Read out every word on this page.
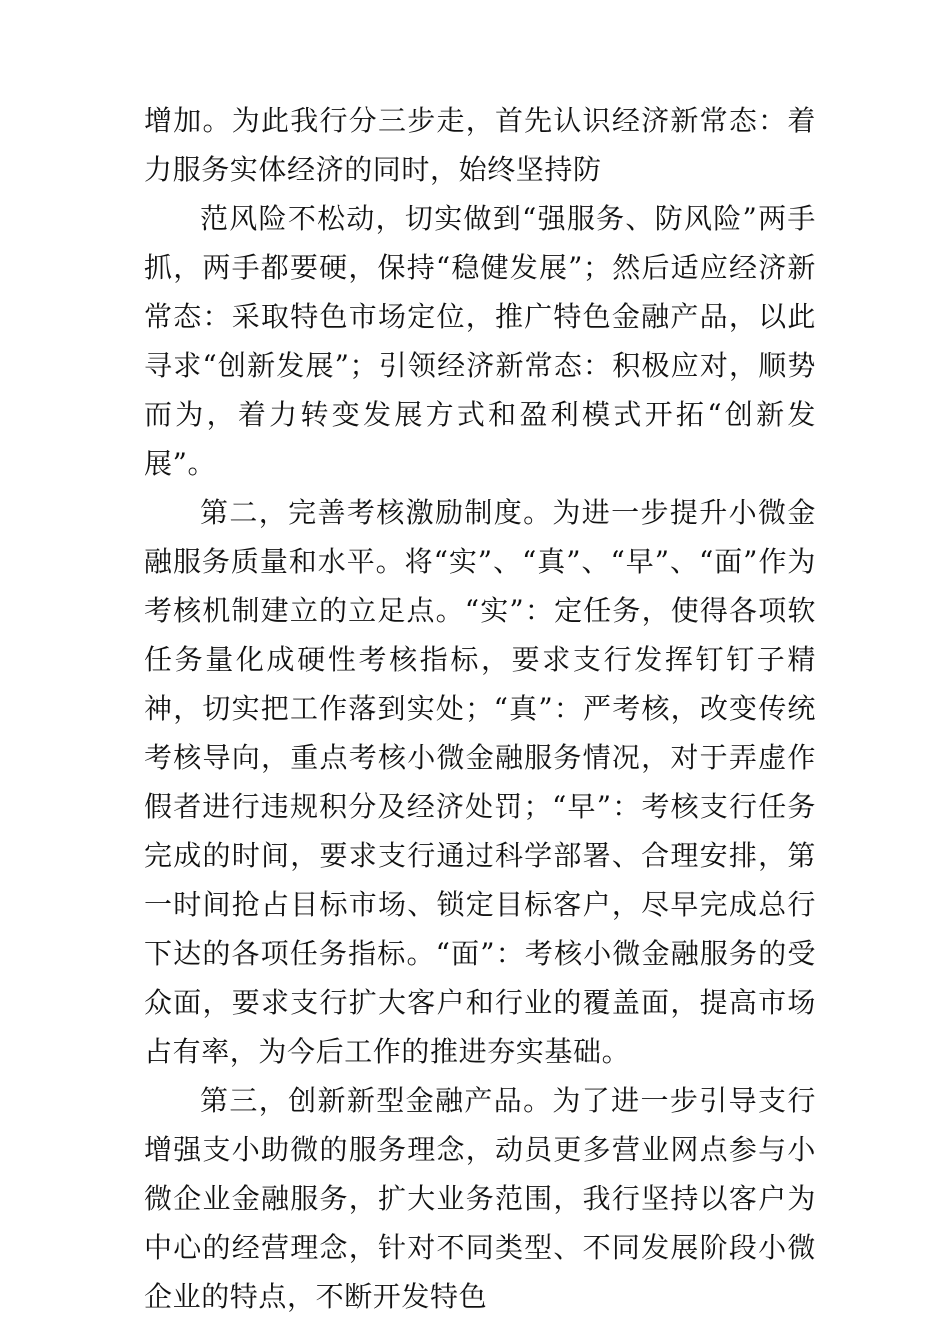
增加。为此我行分三步走，首先认识经济新常态：着力服务实体经济的同时，始终坚持防

范风险不松动，切实做到“强服务、防风险”两手抓，两手都要硬，保持“稳健发展”；然后适应经济新常态：采取特色市场定位，推广特色金融产品，以此寻求“创新发展”；引领经济新常态：积极应对，顺势而为，着力转变发展方式和盈利模式开拓“创新发展”。

第二，完善考核激励制度。为进一步提升小微金融服务质量和水平。将“实”、“真”、“早”、“面”作为考核机制建立的立足点。“实”：定任务，使得各项软任务量化成硬性考核指标，要求支行发挥钉钉子精神，切实把工作落到实处；“真”：严考核，改变传统考核导向，重点考核小微金融服务情况，对于弄虚作假者进行违规积分及经济处罚；“早”：考核支行任务完成的时间，要求支行通过科学部署、合理安排，第一时间抢占目标市场、锁定目标客户，尽早完成总行下达的各项任务指标。“面”：考核小微金融服务的受众面，要求支行扩大客户和行业的覆盖面，提高市场占有率，为今后工作的推进夯实基础。

第三，创新新型金融产品。为了进一步引导支行增强支小助微的服务理念，动员更多营业网点参与小微企业金融服务，扩大业务范围，我行坚持以客户为中心的经营理念，针对不同类型、不同发展阶段小微企业的特点，不断开发特色
